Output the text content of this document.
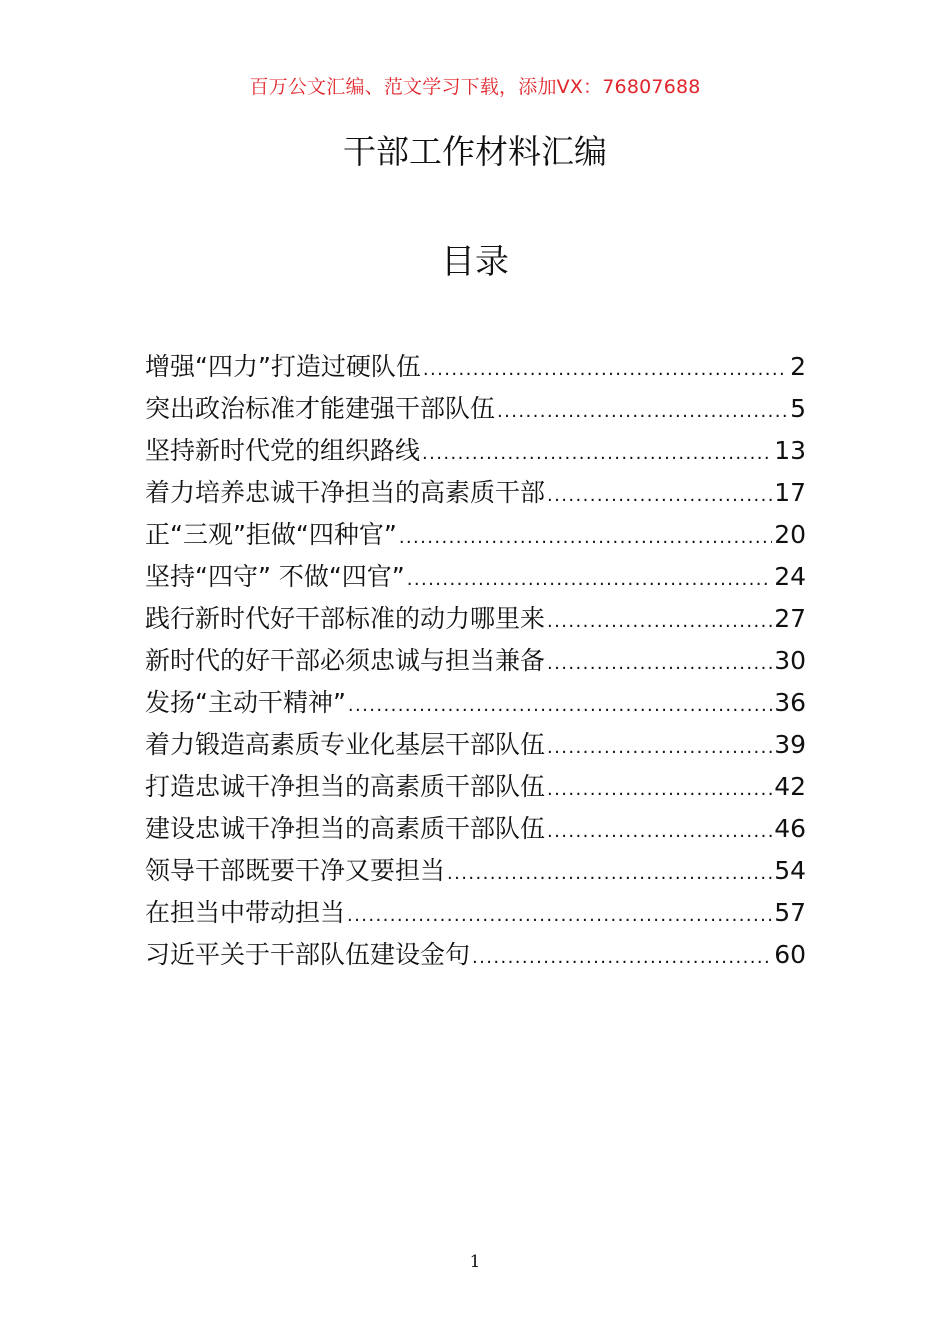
百万公文汇编、范文学习下载，添加VX：76807688
干部工作材料汇编
目录
增强“四力”打造过硬队伍 .....	2
突出政治标准才能建强干部队伍 .....	5
坚持新时代党的组织路线 .....	13
着力培养忠诚干净担当的高素质干部 .....	17
正“三观”拒做“四种官” .....	20
坚持“四守” 不做“四官” .....	24
践行新时代好干部标准的动力哪里来 .....	27
新时代的好干部必须忠诚与担当兼备 .....	30
发扬“主动干精神” .....	36
着力锻造高素质专业化基层干部队伍 .....	39
打造忠诚干净担当的高素质干部队伍 .....	42
建设忠诚干净担当的高素质干部队伍 .....	46
领导干部既要干净又要担当 .....	54
在担当中带动担当 .....	57
习近平关于干部队伍建设金句 .....	60
1
